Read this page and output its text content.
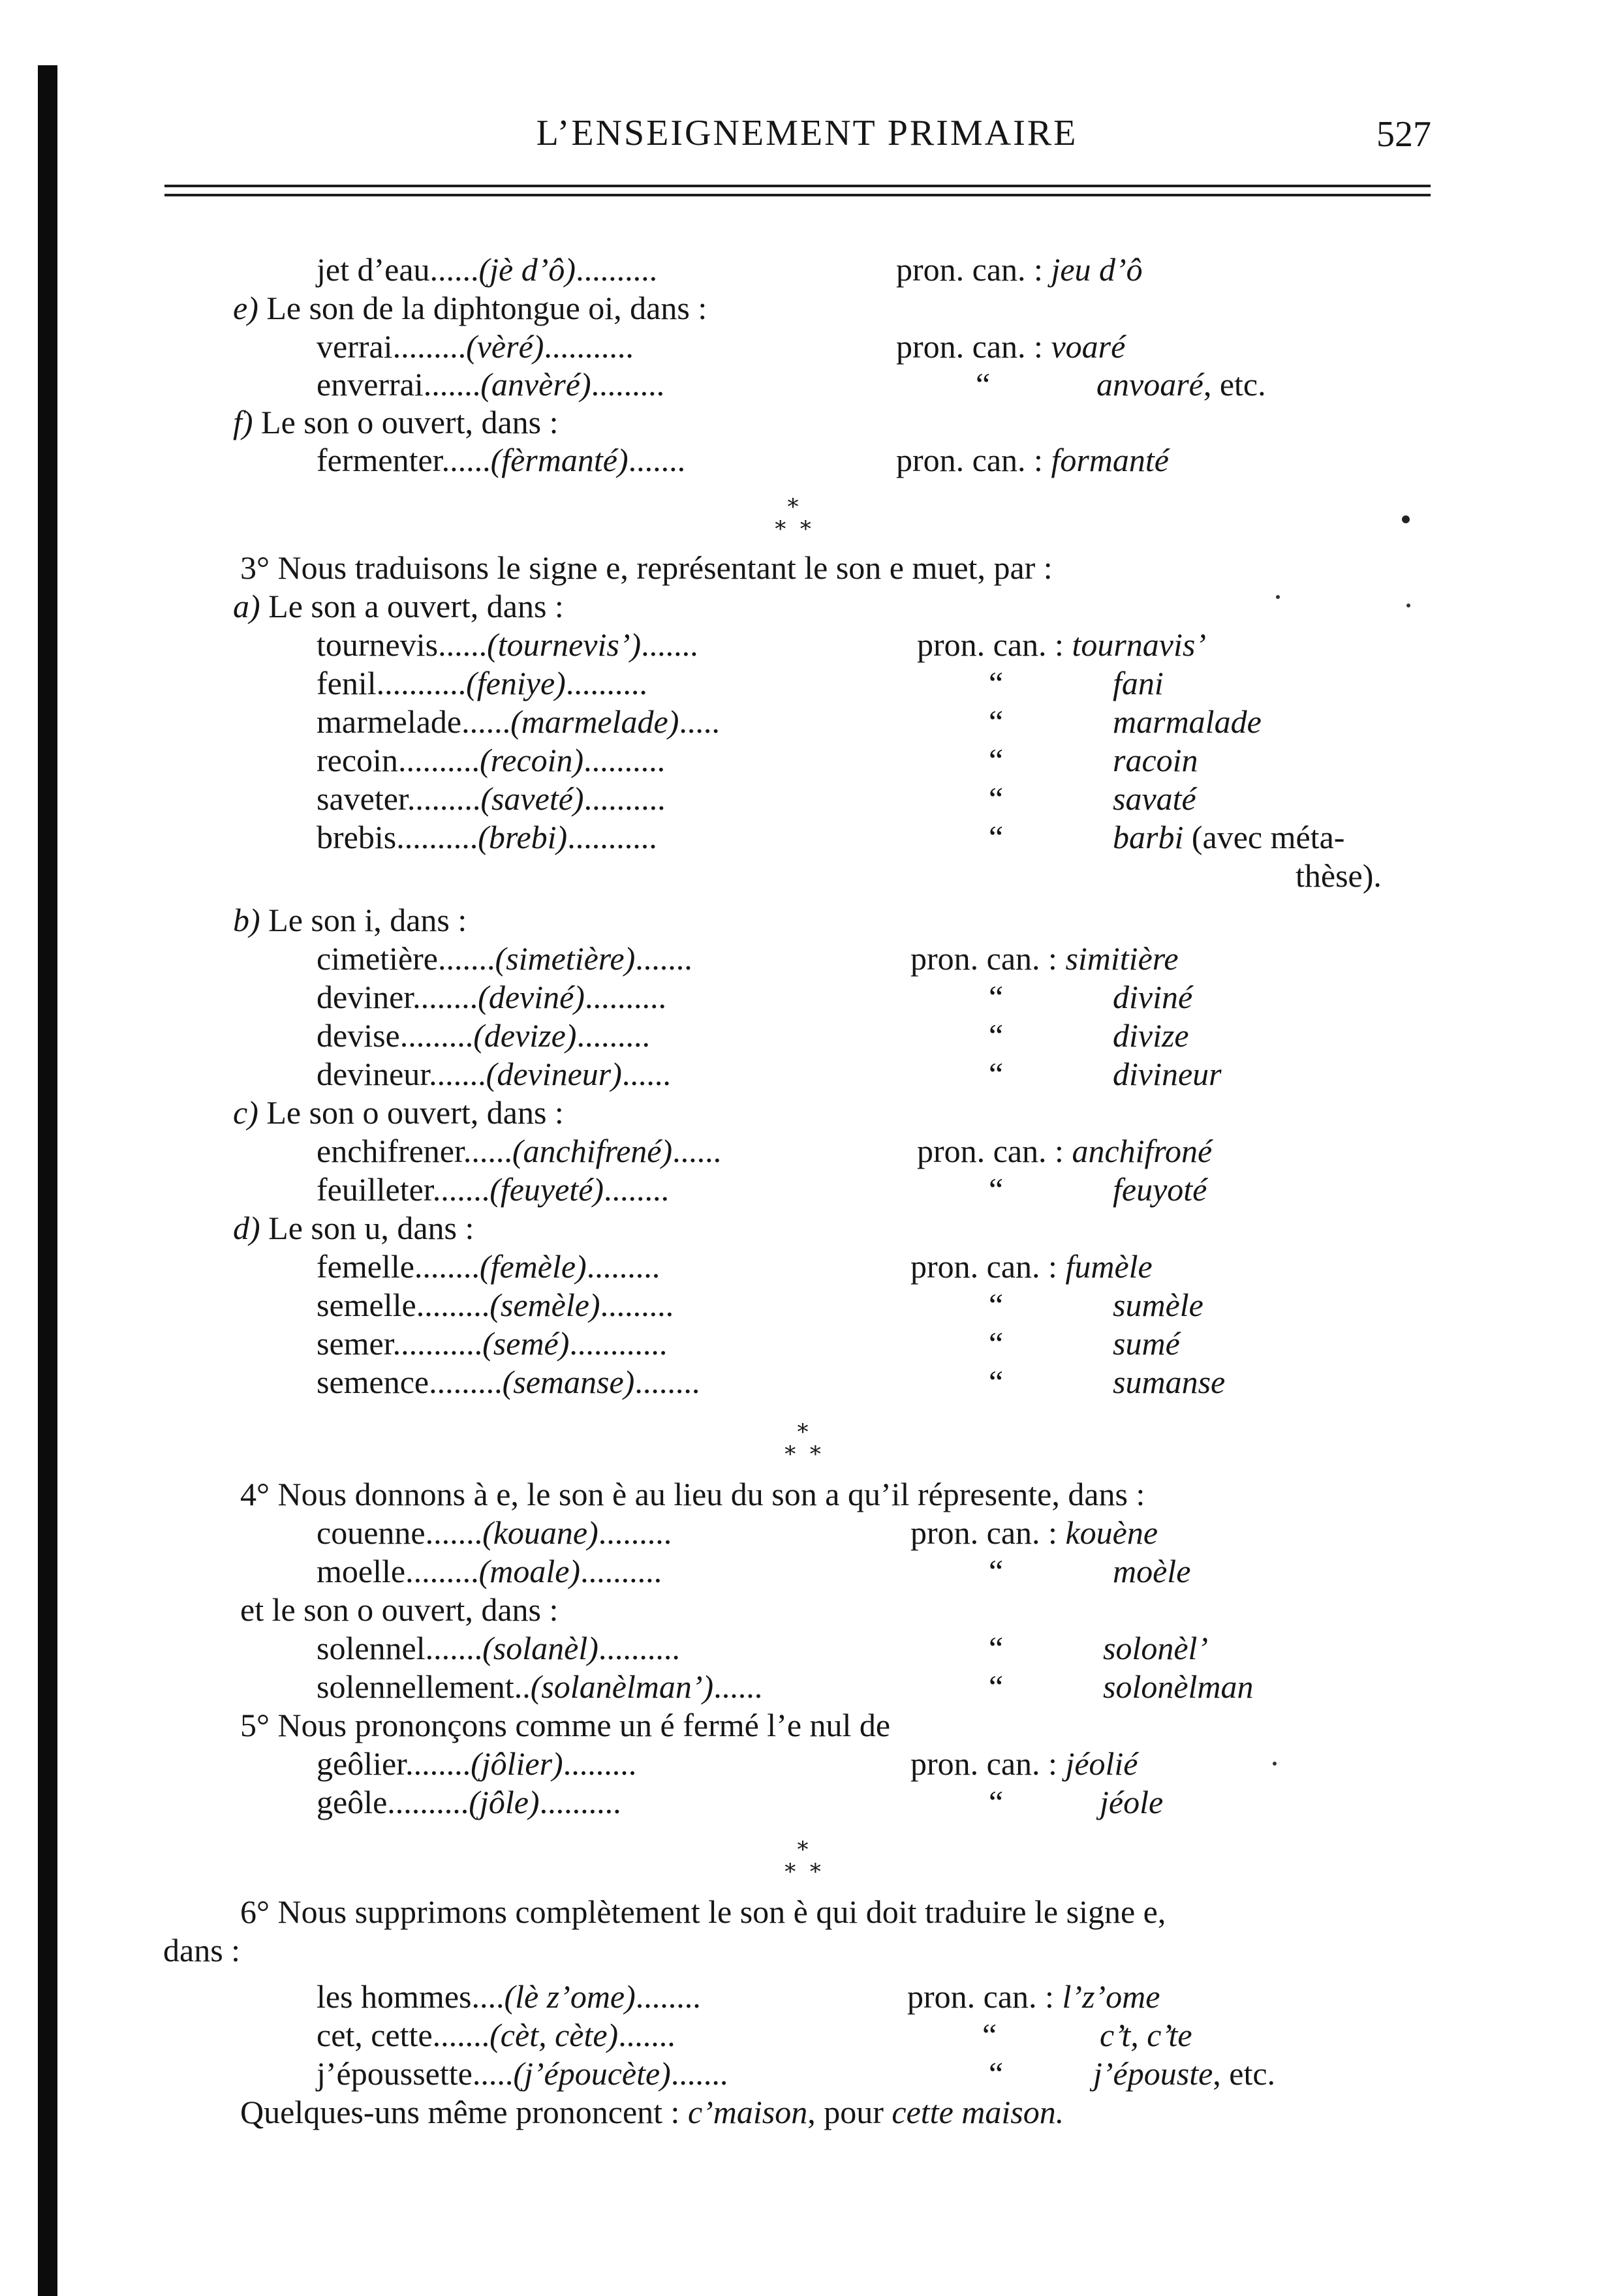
L’ENSEIGNEMENT PRIMAIRE	527
jet d’eau......(jè d’ô)..........	pron. can. : jeu d’ô
e) Le son de la diphtongue oi, dans :
verrai.........(vèré)...........	pron. can. : voaré
enverrai.......(anvèré).........	“	anvoaré, etc.
f) Le son o ouvert, dans :
fermenter......(fèrmanté).......	pron. can. : formanté
*
* *
3° Nous traduisons le signe e, représentant le son e muet, par :
a) Le son a ouvert, dans :
tournevis......(tournevis’).......	pron. can. : tournavis’
fenil...........(feniye)..........	“	fani
marmelade......(marmelade).....	“	marmalade
recoin..........(recoin)..........	“	racoin
saveter.........(saveté)..........	“	savaté
brebis..........(brebi)...........	“	barbi (avec méta-
thèse).
b) Le son i, dans :
cimetière.......(simetière).......	pron. can. : simitière
deviner........(deviné)..........	“	diviné
devise.........(devize).........	“	divize
devineur.......(devineur)......	“	divineur
c) Le son o ouvert, dans :
enchifrener......(anchifrené)......	pron. can. : anchifroné
feuilleter.......(feuyeté)........	“	feuyoté
d) Le son u, dans :
femelle........(femèle).........	pron. can. : fumèle
semelle.........(semèle).........	“	sumèle
semer...........(semé)............	“	sumé
semence.........(semanse)........	“	sumanse
*
* *
4° Nous donnons à e, le son è au lieu du son a qu’il répresente, dans :
couenne.......(kouane).........	pron. can. : kouène
moelle.........(moale)..........	“	moèle
et le son o ouvert, dans :
solennel.......(solanèl)..........	“	solonèl’
solennellement..(solanèlman’)......	“	solonèlman
5° Nous prononçons comme un é fermé l’e nul de
geôlier........(jôlier).........	pron. can. : jéolié
geôle..........(jôle)..........	“	jéole
*
* *
6° Nous supprimons complètement le son è qui doit traduire le signe e,
dans :
les hommes....(lè z’ome)........	pron. can. : l’z’ome
cet, cette.......(cèt, cète).......	“	c’t, c’te
j’époussette.....(j’époucète).......	“	j’épouste, etc.
Quelques-uns même prononcent : c’maison, pour cette maison.
